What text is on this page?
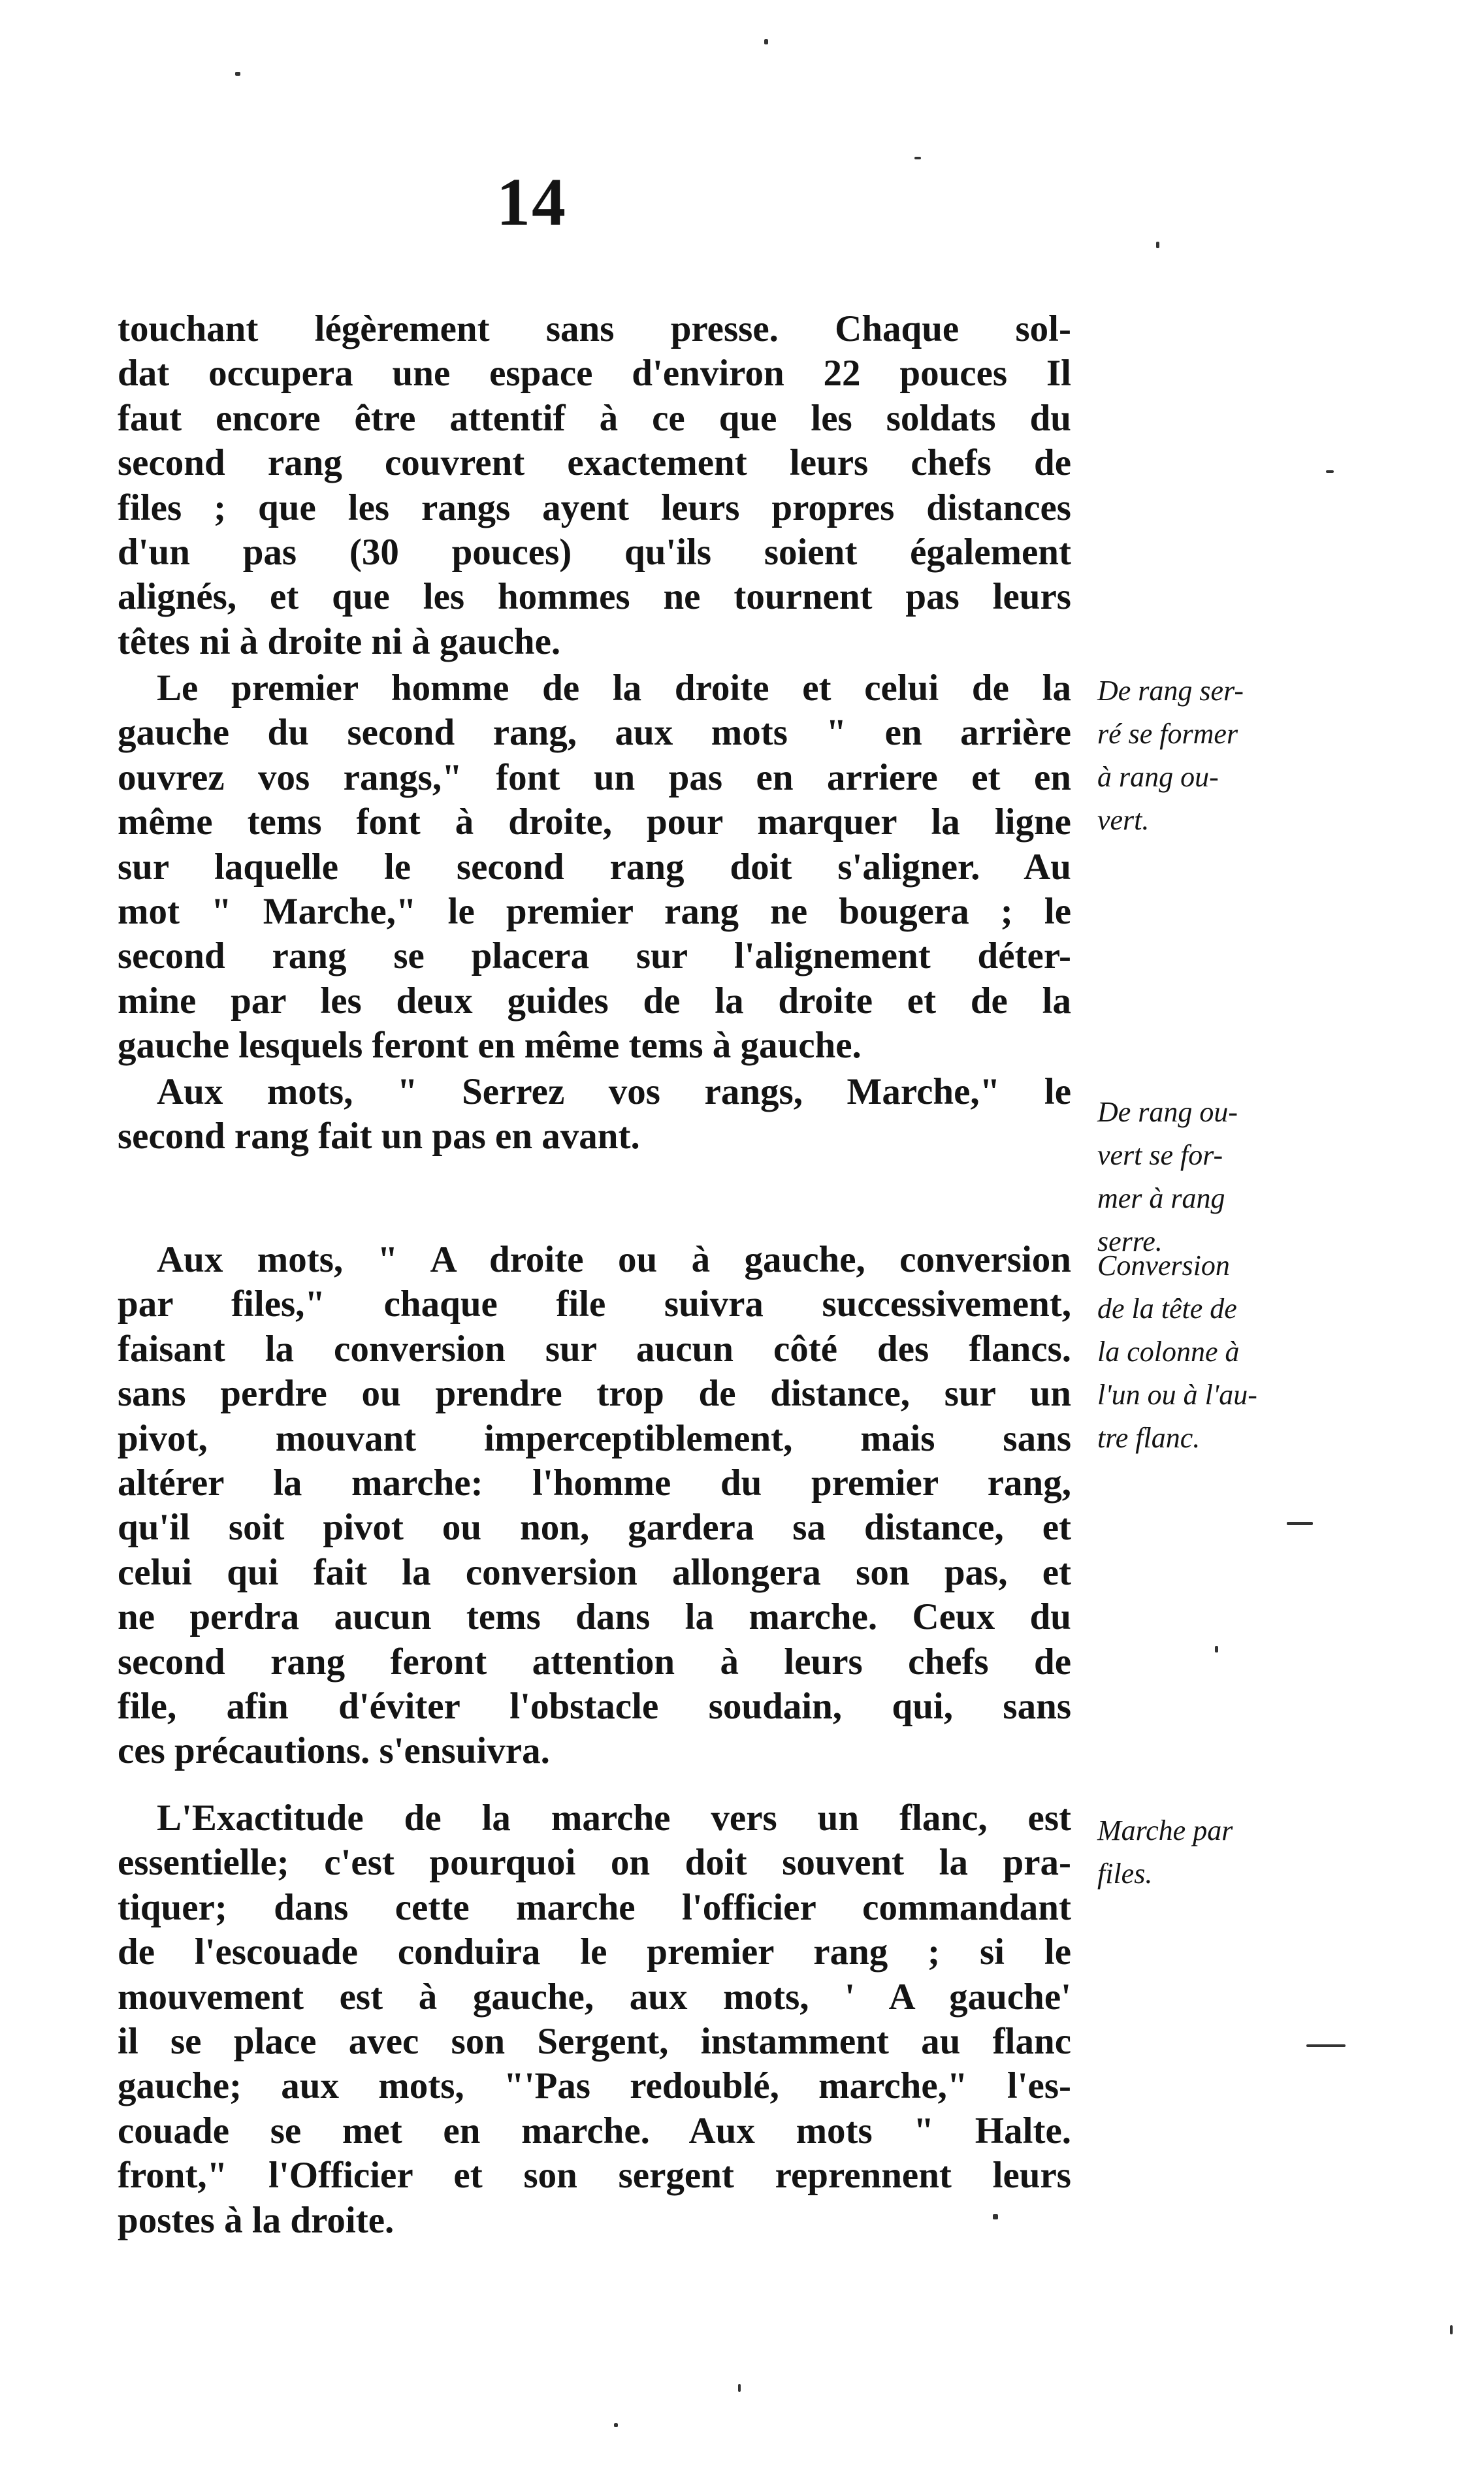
14
touchant légèrement sans presse. Chaque sol-
dat occupera une espace d'environ 22 pouces Il
faut encore être attentif à ce que les soldats du
second rang couvrent exactement leurs chefs de
files ; que les rangs ayent leurs propres distances
d'un pas (30 pouces) qu'ils soient également
alignés, et que les hommes ne tournent pas leurs
têtes ni à droite ni à gauche.
Le premier homme de la droite et celui de la
gauche du second rang, aux mots " en arrière
ouvrez vos rangs," font un pas en arriere et en
même tems font à droite, pour marquer la ligne
sur laquelle le second rang doit s'aligner. Au
mot " Marche," le premier rang ne bougera ; le
second rang se placera sur l'alignement déter-
mine par les deux guides de la droite et de la
gauche lesquels feront en même tems à gauche.
Aux mots, " Serrez vos rangs, Marche," le
second rang fait un pas en avant.
Aux mots, " A droite ou à gauche, conversion
par files," chaque file suivra successivement,
faisant la conversion sur aucun côté des flancs.
sans perdre ou prendre trop de distance, sur un
pivot, mouvant imperceptiblement, mais sans
altérer la marche: l'homme du premier rang,
qu'il soit pivot ou non, gardera sa distance, et
celui qui fait la conversion allongera son pas, et
ne perdra aucun tems dans la marche. Ceux du
second rang feront attention à leurs chefs de
file, afin d'éviter l'obstacle soudain, qui, sans
ces précautions. s'ensuivra.
L'Exactitude de la marche vers un flanc, est
essentielle; c'est pourquoi on doit souvent la pra-
tiquer; dans cette marche l'officier commandant
de l'escouade conduira le premier rang ; si le
mouvement est à gauche, aux mots, ' A gauche'
il se place avec son Sergent, instamment au flanc
gauche; aux mots, "'Pas redoublé, marche," l'es-
couade se met en marche. Aux mots " Halte.
front," l'Officier et son sergent reprennent leurs
postes à la droite.
De rang ser-
ré se former
à rang ou-
vert.
De rang ou-
vert se for-
mer à rang
serre.
Conversion
de la tête de
la colonne à
l'un ou à l'au-
tre flanc.
Marche par
files.
